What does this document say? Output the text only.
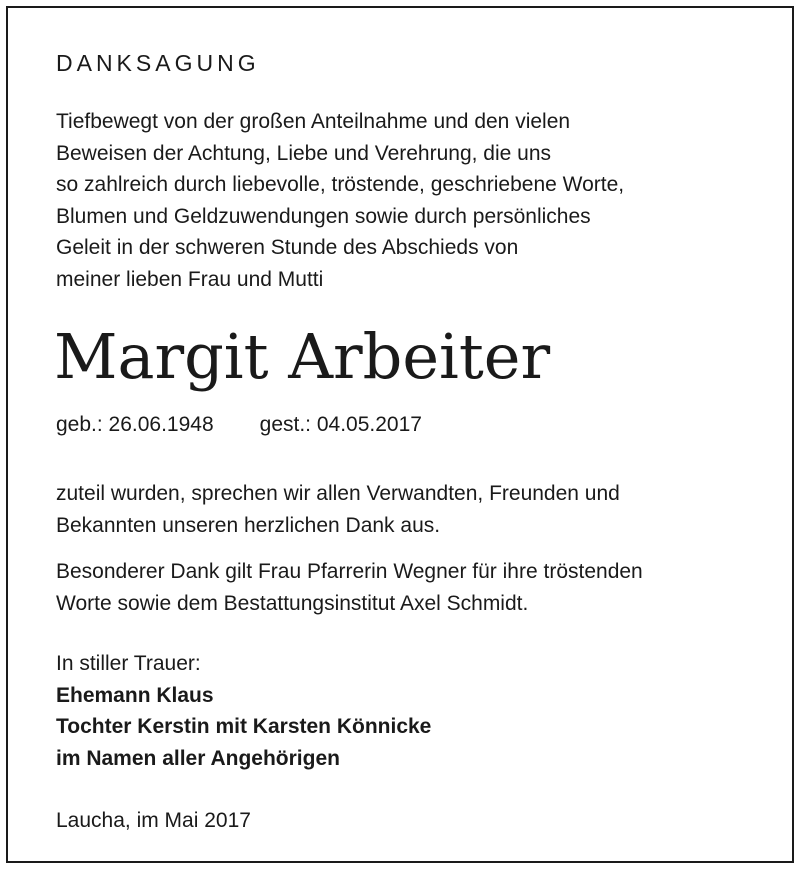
DANKSAGUNG
Tiefbewegt von der großen Anteilnahme und den vielen
Beweisen der Achtung, Liebe und Verehrung, die uns
so zahlreich durch liebevolle, tröstende, geschriebene Worte,
Blumen und Geldzuwendungen sowie durch persönliches
Geleit in der schweren Stunde des Abschieds von
meiner lieben Frau und Mutti
Margit Arbeiter
geb.: 26.06.1948 gest.: 04.05.2017
zuteil wurden, sprechen wir allen Verwandten, Freunden und
Bekannten unseren herzlichen Dank aus.
Besonderer Dank gilt Frau Pfarrerin Wegner für ihre tröstenden
Worte sowie dem Bestattungsinstitut Axel Schmidt.
In stiller Trauer:
Ehemann Klaus
Tochter Kerstin mit Karsten Könnicke
im Namen aller Angehörigen
Laucha, im Mai 2017
